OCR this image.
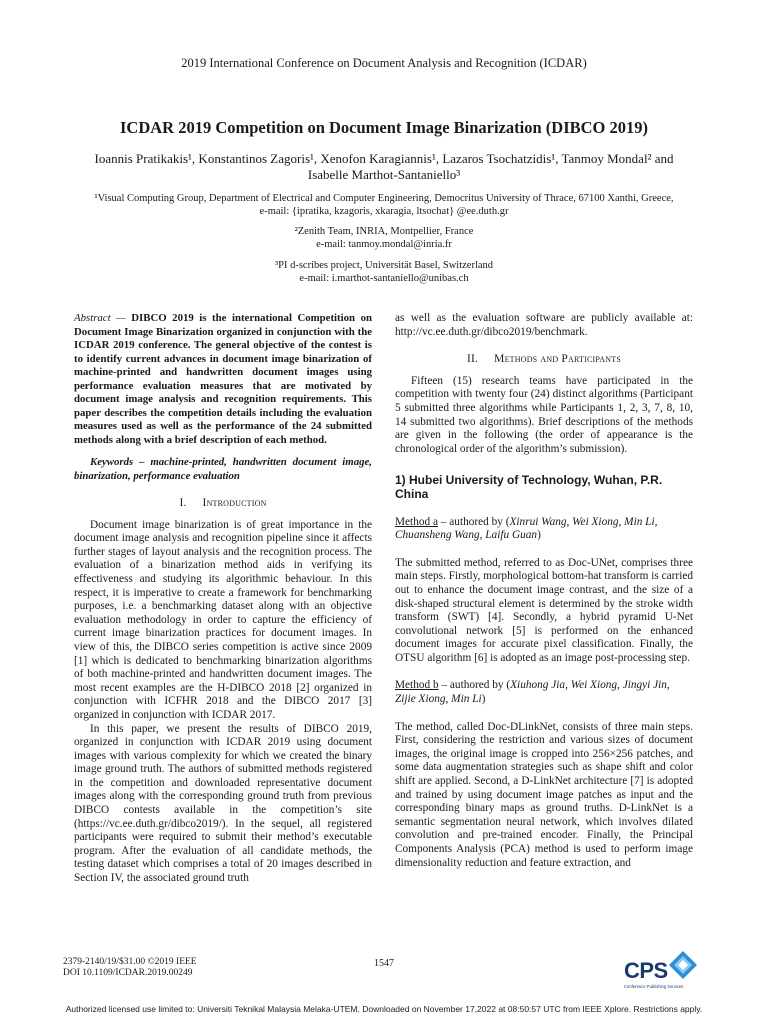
2019 International Conference on Document Analysis and Recognition (ICDAR)
ICDAR 2019 Competition on Document Image Binarization (DIBCO 2019)
Ioannis Pratikakis¹, Konstantinos Zagoris¹, Xenofon Karagiannis¹, Lazaros Tsochatzidis¹, Tanmoy Mondal² and
Isabelle Marthot-Santaniello³
¹Visual Computing Group, Department of Electrical and Computer Engineering, Democritus University of Thrace, 67100 Xanthi, Greece,
e-mail: {ipratika, kzagoris, xkaragia, ltsochat} @ee.duth.gr
²Zenith Team, INRIA, Montpellier, France
e-mail: tanmoy.mondal@inria.fr
³PI d-scribes project, Universität Basel, Switzerland
e-mail: i.marthot-santaniello@unibas.ch
Abstract — DIBCO 2019 is the international Competition on Document Image Binarization organized in conjunction with the ICDAR 2019 conference. The general objective of the contest is to identify current advances in document image binarization of machine-printed and handwritten document images using performance evaluation measures that are motivated by document image analysis and recognition requirements. This paper describes the competition details including the evaluation measures used as well as the performance of the 24 submitted methods along with a brief description of each method.
Keywords – machine-printed, handwritten document image, binarization, performance evaluation
I. Introduction

Document image binarization is of great importance in the document image analysis and recognition pipeline since it affects further stages of layout analysis and the recognition process. The evaluation of a binarization method aids in verifying its effectiveness and studying its algorithmic behaviour. In this respect, it is imperative to create a framework for benchmarking purposes, i.e. a benchmarking dataset along with an objective evaluation methodology in order to capture the efficiency of current image binarization practices for document images. In view of this, the DIBCO series competition is active since 2009 [1] which is dedicated to benchmarking binarization algorithms of both machine-printed and handwritten document images. The most recent examples are the H-DIBCO 2018 [2] organized in conjunction with ICFHR 2018 and the DIBCO 2017 [3] organized in conjunction with ICDAR 2017.

In this paper, we present the results of DIBCO 2019, organized in conjunction with ICDAR 2019 using document images with various complexity for which we created the binary image ground truth. The authors of submitted methods registered in the competition and downloaded representative document images along with the corresponding ground truth from previous DIBCO contests available in the competition’s site (https://vc.ee.duth.gr/dibco2019/). In the sequel, all registered participants were required to submit their method’s executable program. After the evaluation of all candidate methods, the testing dataset which comprises a total of 20 images described in Section IV, the associated ground truth

as well as the evaluation software are publicly available at: http://vc.ee.duth.gr/dibco2019/benchmark.

II. Methods and Participants

Fifteen (15) research teams have participated in the competition with twenty four (24) distinct algorithms (Participant 5 submitted three algorithms while Participants 1, 2, 3, 7, 8, 10, 14 submitted two algorithms). Brief descriptions of the methods are given in the following (the order of appearance is the chronological order of the algorithm’s submission).

1) Hubei University of Technology, Wuhan, P.R. China
Method a – authored by (Xinrui Wang, Wei Xiong, Min Li, Chuansheng Wang, Laifu Guan)

The submitted method, referred to as Doc-UNet, comprises three main steps. Firstly, morphological bottom-hat transform is carried out to enhance the document image contrast, and the size of a disk-shaped structural element is determined by the stroke width transform (SWT) [4]. Secondly, a hybrid pyramid U-Net convolutional network [5] is performed on the enhanced document images for accurate pixel classification. Finally, the OTSU algorithm [6] is adopted as an image post-processing step.

Method b – authored by (Xiuhong Jia, Wei Xiong, Jingyi Jin, Zijie Xiong, Min Li)

The method, called Doc-DLinkNet, consists of three main steps. First, considering the restriction and various sizes of document images, the original image is cropped into 256×256 patches, and some data augmentation strategies such as shape shift and color shift are applied. Second, a D-LinkNet architecture [7] is adopted and trained by using document image patches as input and the corresponding binary maps as ground truths. D-LinkNet is a semantic segmentation neural network, which involves dilated convolution and pre-trained encoder. Finally, the Principal Components Analysis (PCA) method is used to perform image dimensionality reduction and feature extraction, and

2379-2140/19/$31.00 ©2019 IEEE
DOI 10.1109/ICDAR.2019.00249
1547	CPS
Conference Publishing Services
Authorized licensed use limited to: Universiti Teknikal Malaysia Melaka-UTEM. Downloaded on November 17,2022 at 08:50:57 UTC from IEEE Xplore. Restrictions apply.
